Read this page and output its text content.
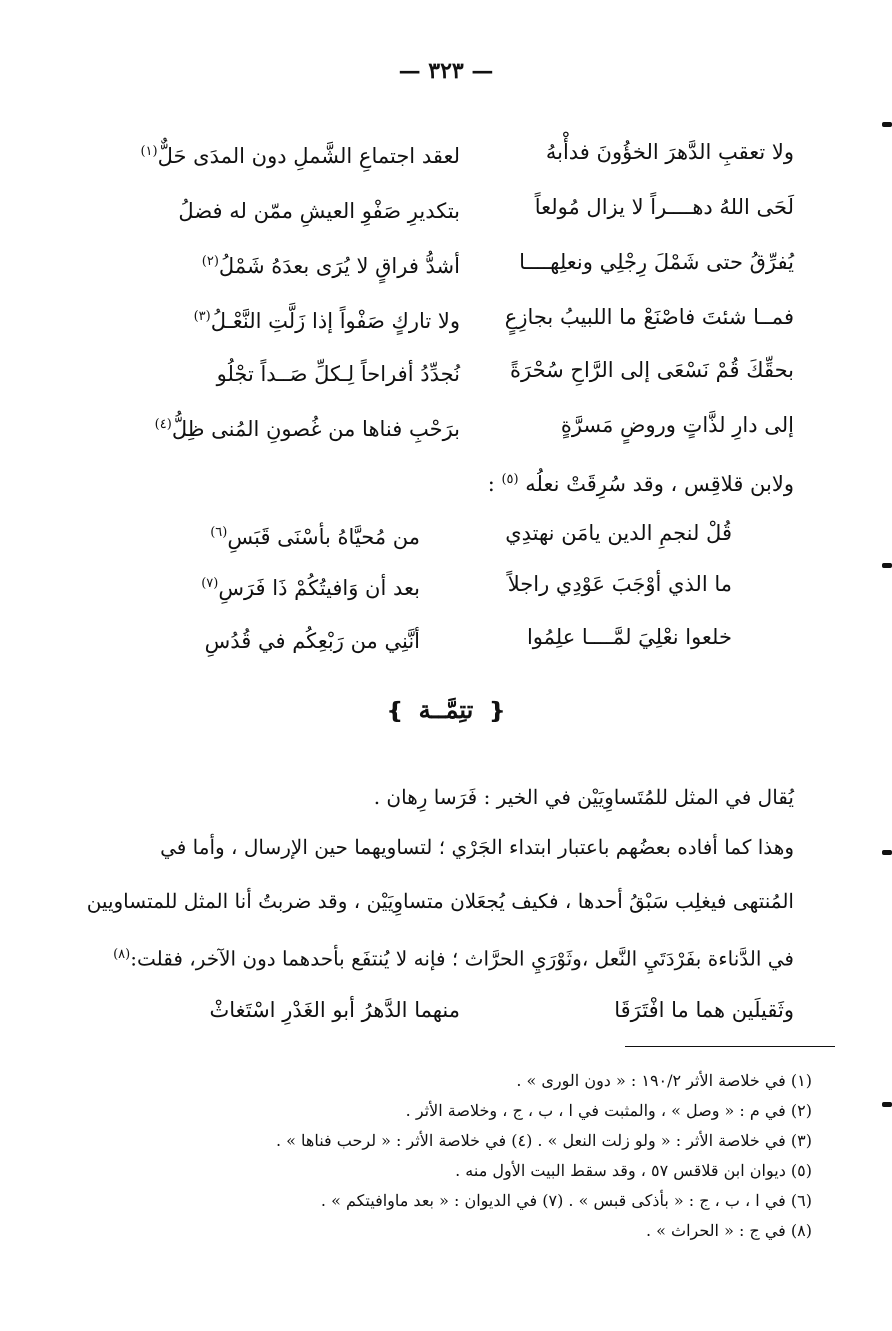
— ٣٢٣ —
ولا تعقبِ الدَّهرَ الخؤُونَ فدأْبهُ
لعقد اجتماعِ الشَّملِ دون المدَى حَلٌّ$^{(١)}$
لَحَى اللهُ دهــــراً لا يزال مُولعاً
بتكديرِ صَفْوِ العيشِ ممّن له فضلُ
يُفرِّقُ حتى شَمْلَ رِجْلِي ونعلِهــــا
أشدُّ فراقٍ لا يُرَى بعدَهُ شَمْلُ$^{(٢)}$
فمــا شئتَ فاصْنَعْ ما اللبيبُ بجازِعٍ
ولا تاركٍ صَفْواً إذا زَلَّتِ النَّعْـلُ$^{(٣)}$
بحقِّكَ قُمْ نَسْعَى إلى الرَّاحِ سُحْرَةً
نُجدِّدُ أفراحاً لِـكلِّ صَــداً تجْلُو
إلى دارِ لذَّاتٍ وروضٍ مَسرَّةٍ
برَحْبِ فناها من غُصونِ المُنى ظِلُّ$^{(٤)}$
ولابن قلاقِس ، وقد سُرِقَتْ نعلُه $^{(٥)}$ :
قُلْ لنجمِ الدين يامَن نهتدِي
من مُحيَّاهُ بأسْنَى قَبَسِ$^{(٦)}$
ما الذي أوْجَبَ عَوْدِي راجلاً
بعد أن وَافيتُكُمْ ذَا فَرَسِ$^{(٧)}$
خلعوا نعْلِيَ لمَّــــا علِمُوا
أنَّنِي من رَبْعِكُم في قُدُسِ
❴ تتِمَّــة ❵
يُقال في المثل للمُتَساوِيَيْن في الخير : فَرَسا رِهان .
وهذا كما أفاده بعضُهم باعتبار ابتداء الجَرْي ؛ لتساويهما حين الإرسال ، وأما في
المُنتهى فيغلِب سَبْقُ أحدها ، فكيف يُجعَلان متساوِيَيْن ، وقد ضربتُ أنا المثل للمتساويين
في الدَّناءة بفَرْدَتَيِ النَّعل ،وثَوْرَيِ الحرَّاث ؛ فإنه لا يُنتفَع بأحدهما دون الآخر، فقلت:$^{(٨)}$
وثَقيلَين هما ما افْتَرَقَا
منهما الدَّهرُ أبو الغَدْرِ اسْتَغاثْ
(١) في خلاصة الأثر ١٩٠/٢ : « دون الورى » .
(٢) في م : « وصل » ، والمثبت في ا ، ب ، ج ، وخلاصة الأثر .
(٣) في خلاصة الأثر : « ولو زلت النعل » . (٤) في خلاصة الأثر : « لرحب فناها » .
(٥) ديوان ابن قلاقس ٥٧ ، وقد سقط البيت الأول منه .
(٦) في ا ، ب ، ج : « بأذكى قبس » . (٧) في الديوان : « بعد ماوافيتكم » .
(٨) في ج : « الحراث » .
